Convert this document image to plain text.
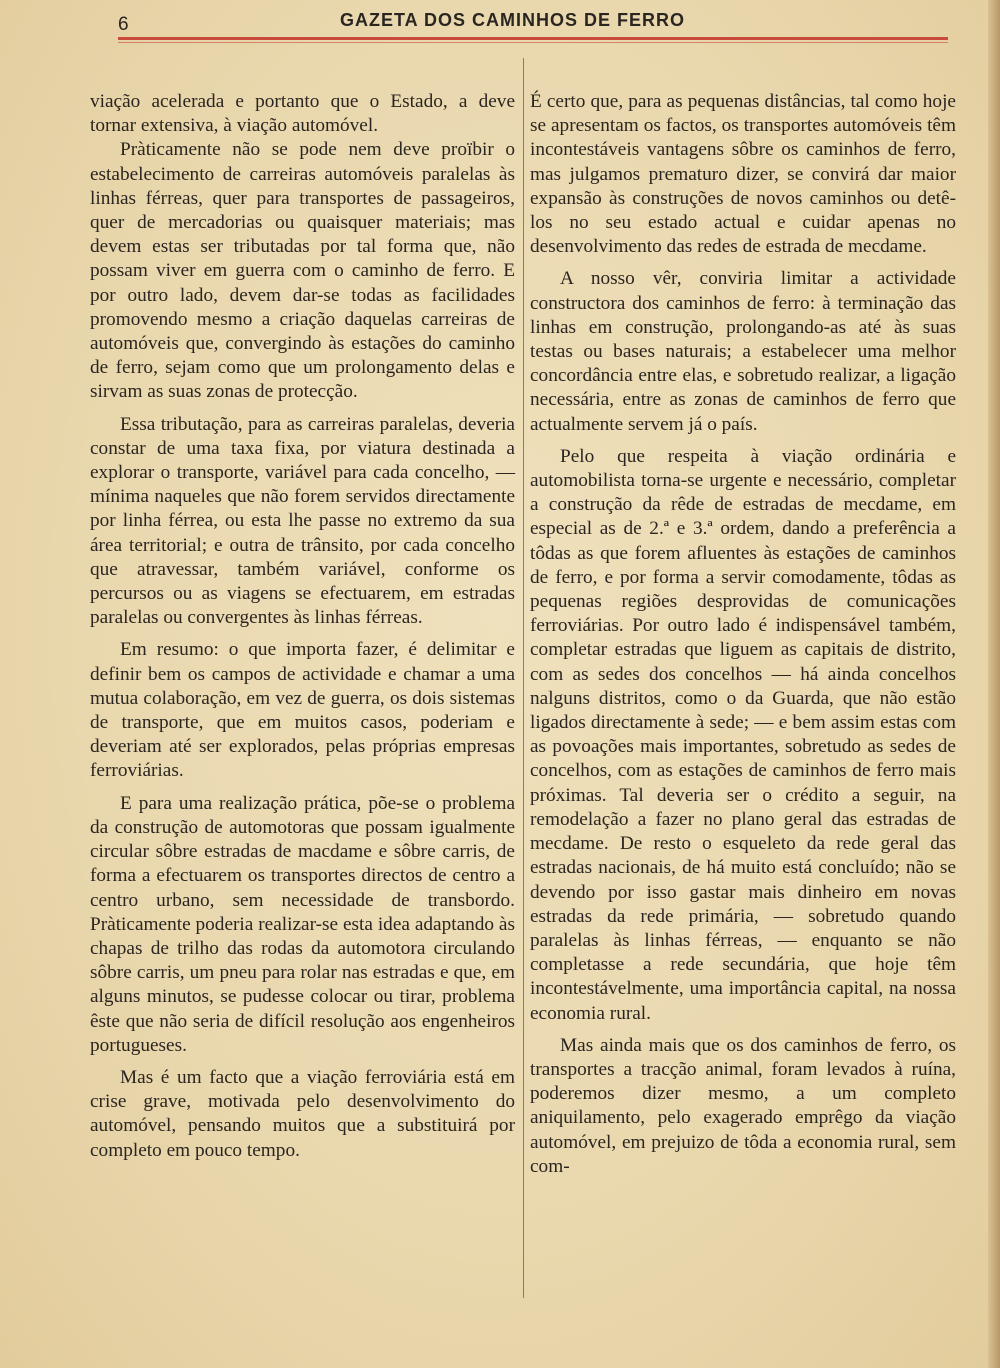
6	GAZETA DOS CAMINHOS DE FERRO

viação acelerada e portanto que o Estado, a deve tornar extensiva, à viação automóvel.

Pràticamente não se pode nem deve proïbir o estabelecimento de carreiras automóveis paralelas às linhas férreas, quer para transportes de passageiros, quer de mercadorias ou quaisquer materiais; mas devem estas ser tributadas por tal forma que, não possam viver em guerra com o caminho de ferro. E por outro lado, devem dar-se todas as facilidades promovendo mesmo a criação daquelas carreiras de automóveis que, convergindo às estações do caminho de ferro, sejam como que um prolongamento delas e sirvam as suas zonas de protecção.

Essa tributação, para as carreiras paralelas, deveria constar de uma taxa fixa, por viatura destinada a explorar o transporte, variável para cada concelho, — mínima naqueles que não forem servidos directamente por linha férrea, ou esta lhe passe no extremo da sua área territorial; e outra de trânsito, por cada concelho que atravessar, também variável, conforme os percursos ou as viagens se efectuarem, em estradas paralelas ou convergentes às linhas férreas.

Em resumo: o que importa fazer, é delimitar e definir bem os campos de actividade e chamar a uma mutua colaboração, em vez de guerra, os dois sistemas de transporte, que em muitos casos, poderiam e deveriam até ser explorados, pelas próprias empresas ferroviárias.

E para uma realização prática, põe-se o problema da construção de automotoras que possam igualmente circular sôbre estradas de macdame e sôbre carris, de forma a efectuarem os transportes directos de centro a centro urbano, sem necessidade de transbordo. Pràticamente poderia realizar-se esta idea adaptando às chapas de trilho das rodas da automotora circulando sôbre carris, um pneu para rolar nas estradas e que, em alguns minutos, se pudesse colocar ou tirar, problema êste que não seria de difícil resolução aos engenheiros portugueses.

Mas é um facto que a viação ferroviária está em crise grave, motivada pelo desenvolvimento do automóvel, pensando muitos que a substituirá por completo em pouco tempo.

É certo que, para as pequenas distâncias, tal como hoje se apresentam os factos, os transportes automóveis têm incontestáveis vantagens sôbre os caminhos de ferro, mas julgamos prematuro dizer, se convirá dar maior expansão às construções de novos caminhos ou detê-los no seu estado actual e cuidar apenas no desenvolvimento das redes de estrada de mecdame.

A nosso vêr, conviria limitar a actividade constructora dos caminhos de ferro: à terminação das linhas em construção, prolongando-as até às suas testas ou bases naturais; a estabelecer uma melhor concordância entre elas, e sobretudo realizar, a ligação necessária, entre as zonas de caminhos de ferro que actualmente servem já o país.

Pelo que respeita à viação ordinária e automobilista torna-se urgente e necessário, completar a construção da rêde de estradas de mecdame, em especial as de 2.ª e 3.ª ordem, dando a preferência a tôdas as que forem afluentes às estações de caminhos de ferro, e por forma a servir comodamente, tôdas as pequenas regiões desprovidas de comunicações ferroviárias. Por outro lado é indispensável também, completar estradas que liguem as capitais de distrito, com as sedes dos concelhos — há ainda concelhos nalguns distritos, como o da Guarda, que não estão ligados directamente à sede; — e bem assim estas com as povoações mais importantes, sobretudo as sedes de concelhos, com as estações de caminhos de ferro mais próximas. Tal deveria ser o crédito a seguir, na remodelação a fazer no plano geral das estradas de mecdame. De resto o esqueleto da rede geral das estradas nacionais, de há muito está concluído; não se devendo por isso gastar mais dinheiro em novas estradas da rede primária, — sobretudo quando paralelas às linhas férreas, — enquanto se não completasse a rede secundária, que hoje têm incontestávelmente, uma importância capital, na nossa economia rural.

Mas ainda mais que os dos caminhos de ferro, os transportes a tracção animal, foram levados à ruína, poderemos dizer mesmo, a um completo aniquilamento, pelo exagerado emprêgo da viação automóvel, em prejuizo de tôda a economia rural, sem com-
